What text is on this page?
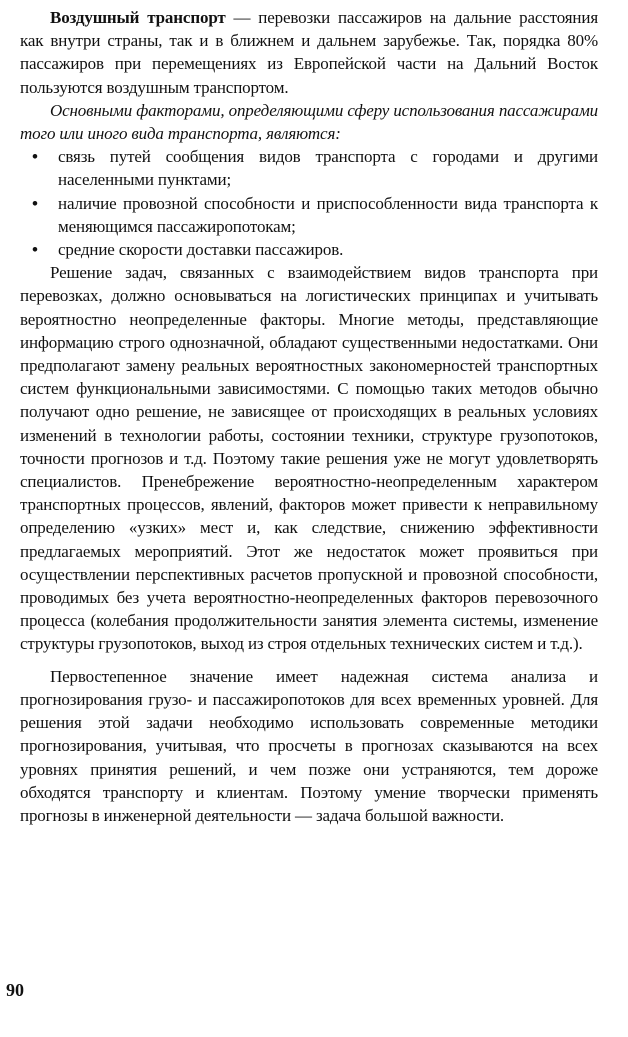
Воздушный транспорт — перевозки пассажиров на дальние расстояния как внутри страны, так и в ближнем и дальнем зарубежье. Так, порядка 80% пассажиров при перемещениях из Европейской части на Дальний Восток пользуются воздушным транспортом.

Основными факторами, определяющими сферу использования пассажирами того или иного вида транспорта, являются:

• связь путей сообщения видов транспорта с городами и другими населенными пунктами;
• наличие провозной способности и приспособленности вида транспорта к меняющимся пассажиропотокам;
• средние скорости доставки пассажиров.

Решение задач, связанных с взаимодействием видов транспорта при перевозках, должно основываться на логистических принципах и учитывать вероятностно неопределенные факторы. Многие методы, представляющие информацию строго однозначной, обладают существенными недостатками. Они предполагают замену реальных вероятностных закономерностей транспортных систем функциональными зависимостями. С помощью таких методов обычно получают одно решение, не зависящее от происходящих в реальных условиях изменений в технологии работы, состоянии техники, структуре грузопотоков, точности прогнозов и т.д. Поэтому такие решения уже не могут удовлетворять специалистов. Пренебрежение вероятностно-неопределенным характером транспортных процессов, явлений, факторов может привести к неправильному определению «узких» мест и, как следствие, снижению эффективности предлагаемых мероприятий. Этот же недостаток может проявиться при осуществлении перспективных расчетов пропускной и провозной способности, проводимых без учета вероятностно-неопределенных факторов перевозочного процесса (колебания продолжительности занятия элемента системы, изменение структуры грузопотоков, выход из строя отдельных технических систем и т.д.).

Первостепенное значение имеет надежная система анализа и прогнозирования грузо- и пассажиропотоков для всех временных уровней. Для решения этой задачи необходимо использовать современные методики прогнозирования, учитывая, что просчеты в прогнозах сказываются на всех уровнях принятия решений, и чем позже они устраняются, тем дороже обходятся транспорту и клиентам. Поэтому умение творчески применять прогнозы в инженерной деятельности — задача большой важности.

90
